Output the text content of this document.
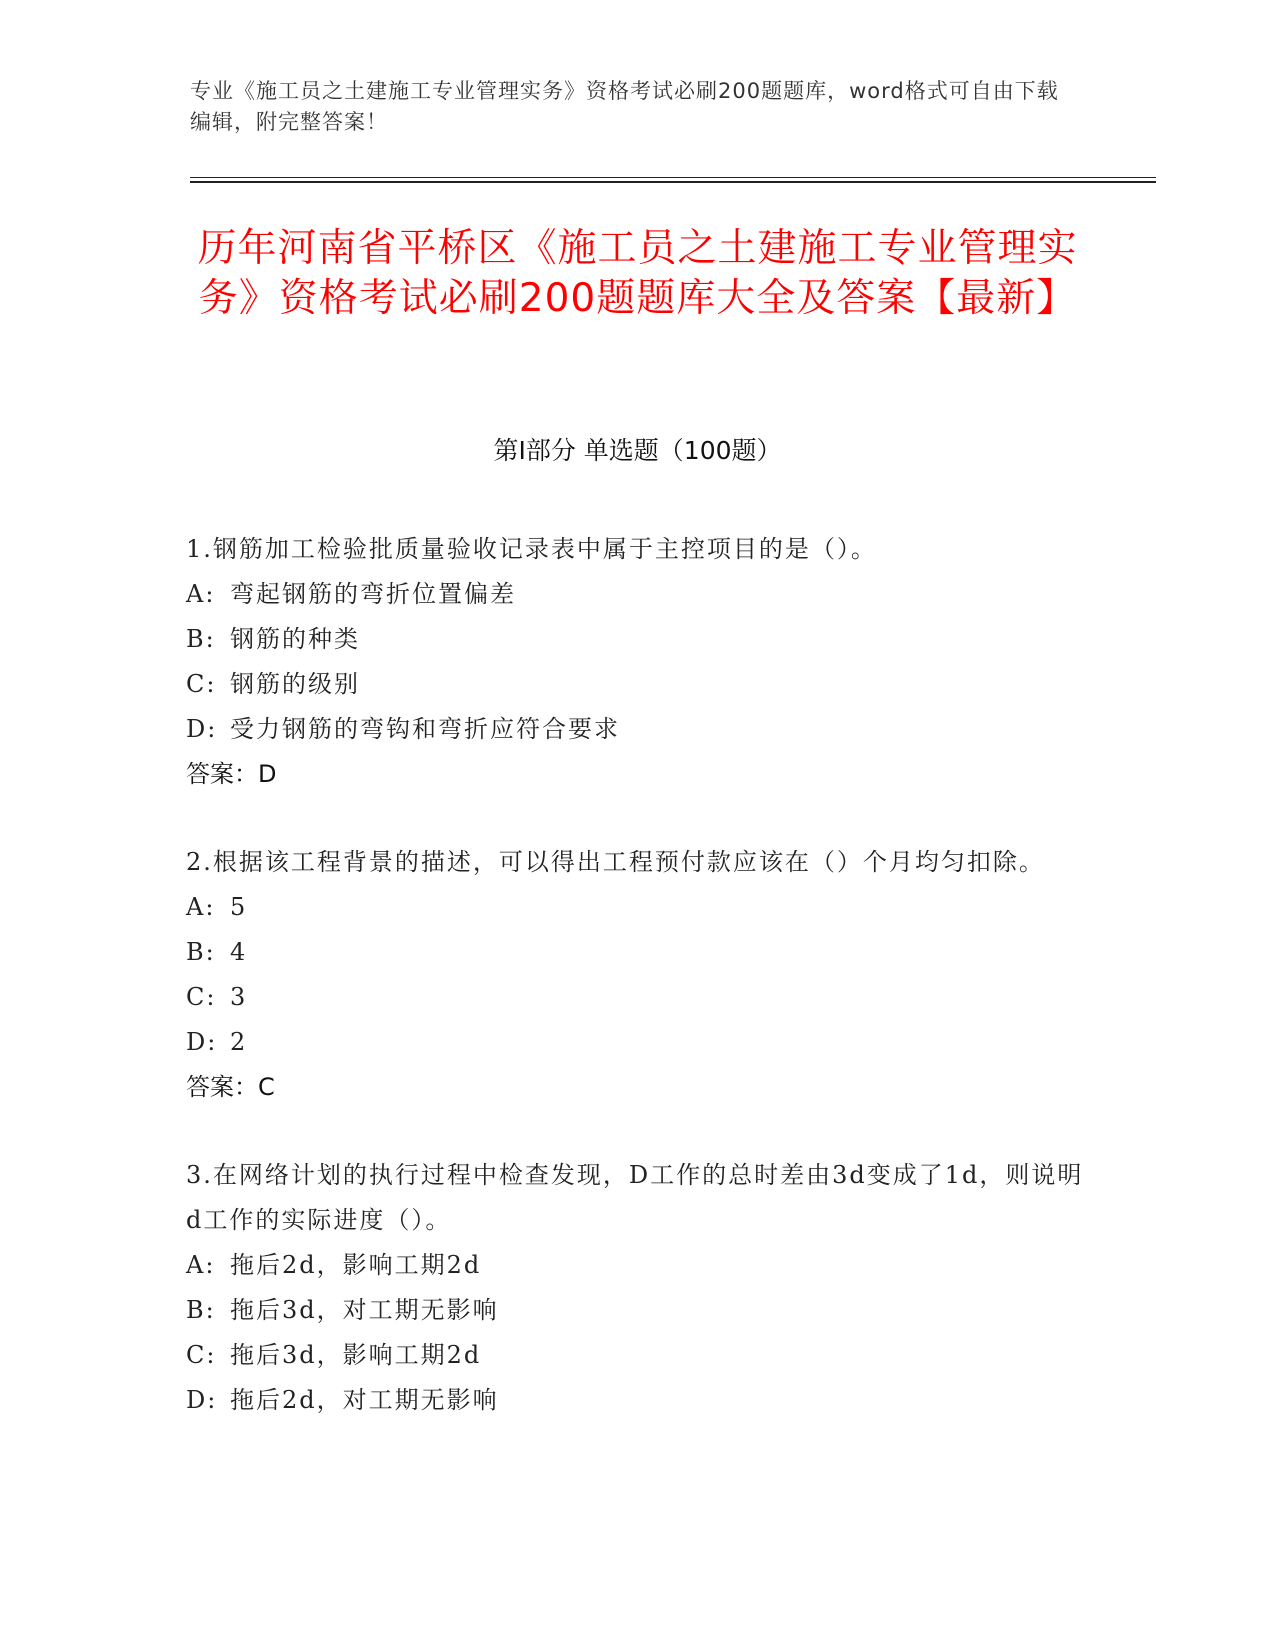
专业《施工员之土建施工专业管理实务》资格考试必刷200题题库，word格式可自由下载编辑，附完整答案！
历年河南省平桥区《施工员之土建施工专业管理实务》资格考试必刷200题题库大全及答案【最新】
第I部分 单选题（100题）
1.钢筋加工检验批质量验收记录表中属于主控项目的是（）。
A: 弯起钢筋的弯折位置偏差
B: 钢筋的种类
C: 钢筋的级别
D: 受力钢筋的弯钩和弯折应符合要求
答案：D
2.根据该工程背景的描述，可以得出工程预付款应该在（）个月均匀扣除。
A: 5
B: 4
C: 3
D: 2
答案：C
3.在网络计划的执行过程中检查发现，D工作的总时差由3d变成了1d，则说明d工作的实际进度（）。
A: 拖后2d，影响工期2d
B: 拖后3d，对工期无影响
C: 拖后3d，影响工期2d
D: 拖后2d，对工期无影响
